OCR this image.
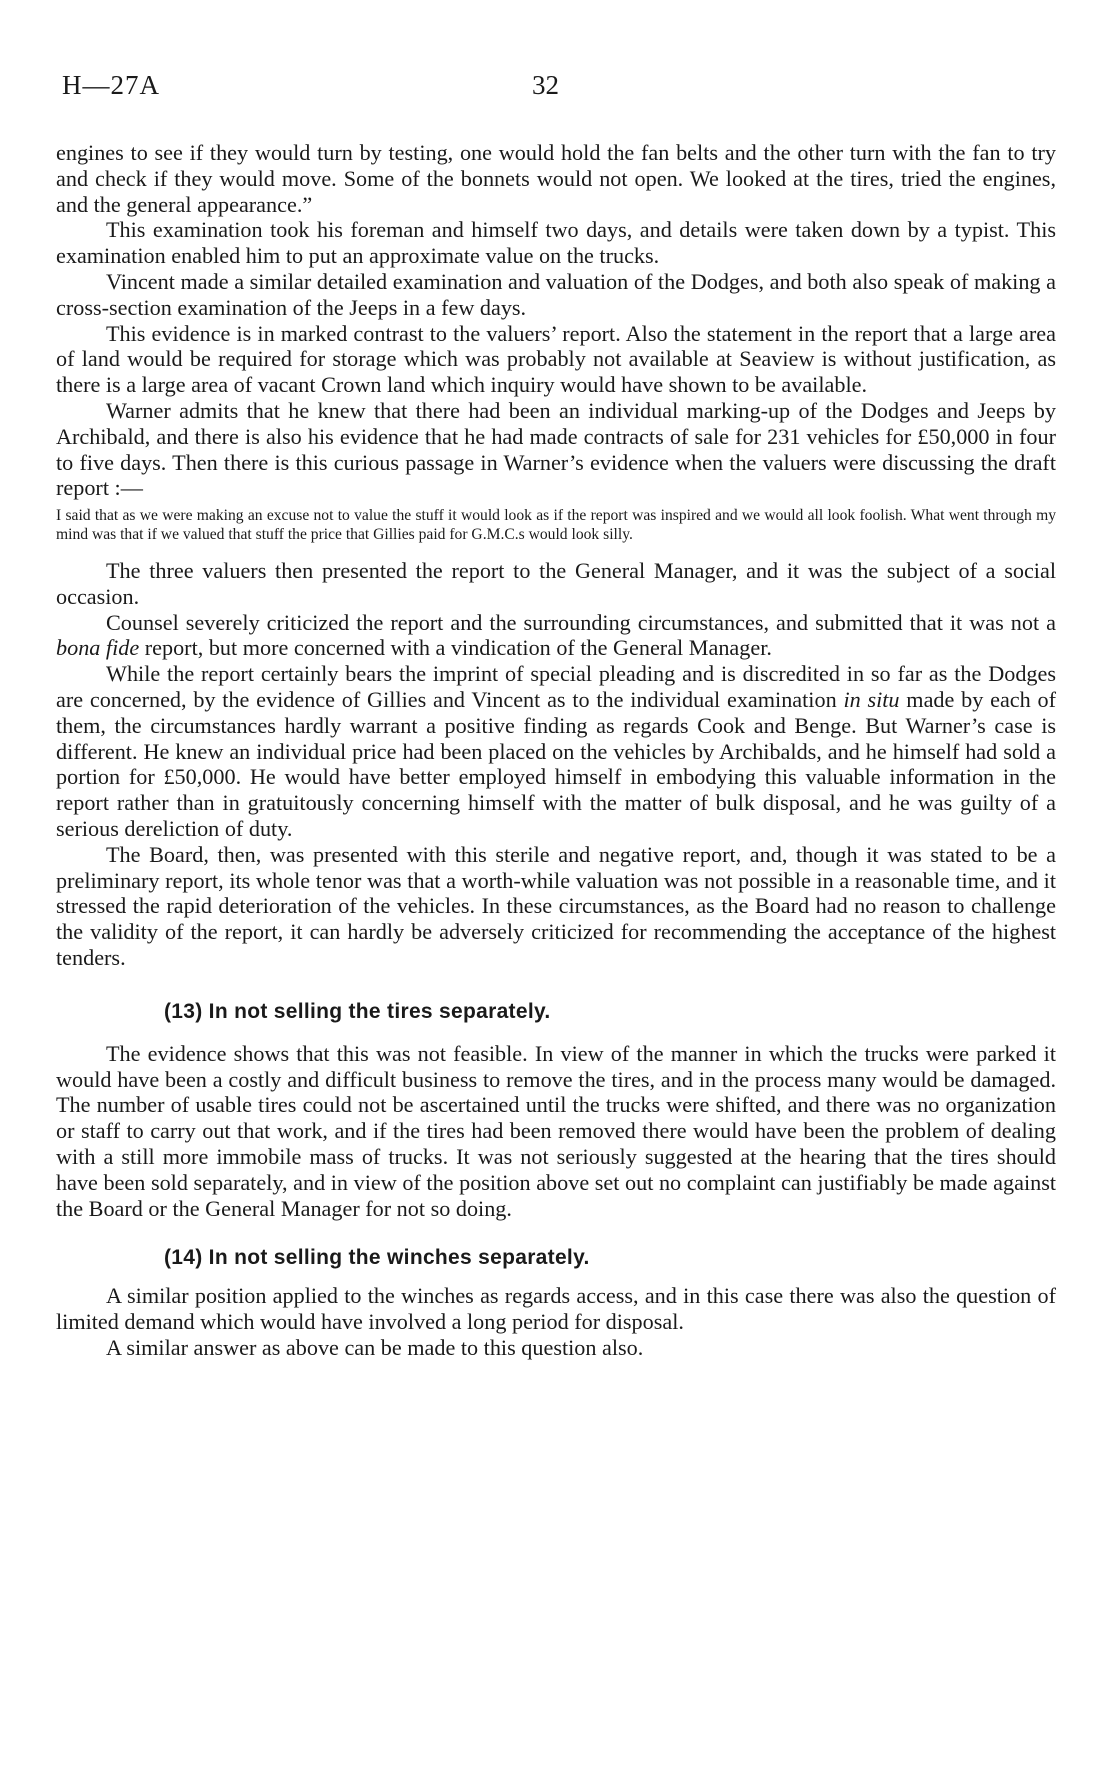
H—27A	32

engines to see if they would turn by testing, one would hold the fan belts and the other turn with the fan to try and check if they would move. Some of the bonnets would not open. We looked at the tires, tried the engines, and the general appearance.”

This examination took his foreman and himself two days, and details were taken down by a typist. This examination enabled him to put an approximate value on the trucks.

Vincent made a similar detailed examination and valuation of the Dodges, and both also speak of making a cross-section examination of the Jeeps in a few days.

This evidence is in marked contrast to the valuers’ report. Also the statement in the report that a large area of land would be required for storage which was probably not available at Seaview is without justification, as there is a large area of vacant Crown land which inquiry would have shown to be available.

Warner admits that he knew that there had been an individual marking-up of the Dodges and Jeeps by Archibald, and there is also his evidence that he had made contracts of sale for 231 vehicles for £50,000 in four to five days. Then there is this curious passage in Warner’s evidence when the valuers were discussing the draft report :—

I said that as we were making an excuse not to value the stuff it would look as if the report was inspired and we would all look foolish. What went through my mind was that if we valued that stuff the price that Gillies paid for G.M.C.s would look silly.

The three valuers then presented the report to the General Manager, and it was the subject of a social occasion.

Counsel severely criticized the report and the surrounding circumstances, and submitted that it was not a bona fide report, but more concerned with a vindication of the General Manager.

While the report certainly bears the imprint of special pleading and is discredited in so far as the Dodges are concerned, by the evidence of Gillies and Vincent as to the individual examination in situ made by each of them, the circumstances hardly warrant a positive finding as regards Cook and Benge. But Warner’s case is different. He knew an individual price had been placed on the vehicles by Archibalds, and he himself had sold a portion for £50,000. He would have better employed himself in embodying this valuable information in the report rather than in gratuitously concerning himself with the matter of bulk disposal, and he was guilty of a serious dereliction of duty.

The Board, then, was presented with this sterile and negative report, and, though it was stated to be a preliminary report, its whole tenor was that a worth-while valuation was not possible in a reasonable time, and it stressed the rapid deterioration of the vehicles. In these circumstances, as the Board had no reason to challenge the validity of the report, it can hardly be adversely criticized for recommending the acceptance of the highest tenders.

(13) In not selling the tires separately.

The evidence shows that this was not feasible. In view of the manner in which the trucks were parked it would have been a costly and difficult business to remove the tires, and in the process many would be damaged. The number of usable tires could not be ascertained until the trucks were shifted, and there was no organization or staff to carry out that work, and if the tires had been removed there would have been the problem of dealing with a still more immobile mass of trucks. It was not seriously suggested at the hearing that the tires should have been sold separately, and in view of the position above set out no complaint can justifiably be made against the Board or the General Manager for not so doing.

(14) In not selling the winches separately.

A similar position applied to the winches as regards access, and in this case there was also the question of limited demand which would have involved a long period for disposal.

A similar answer as above can be made to this question also.
